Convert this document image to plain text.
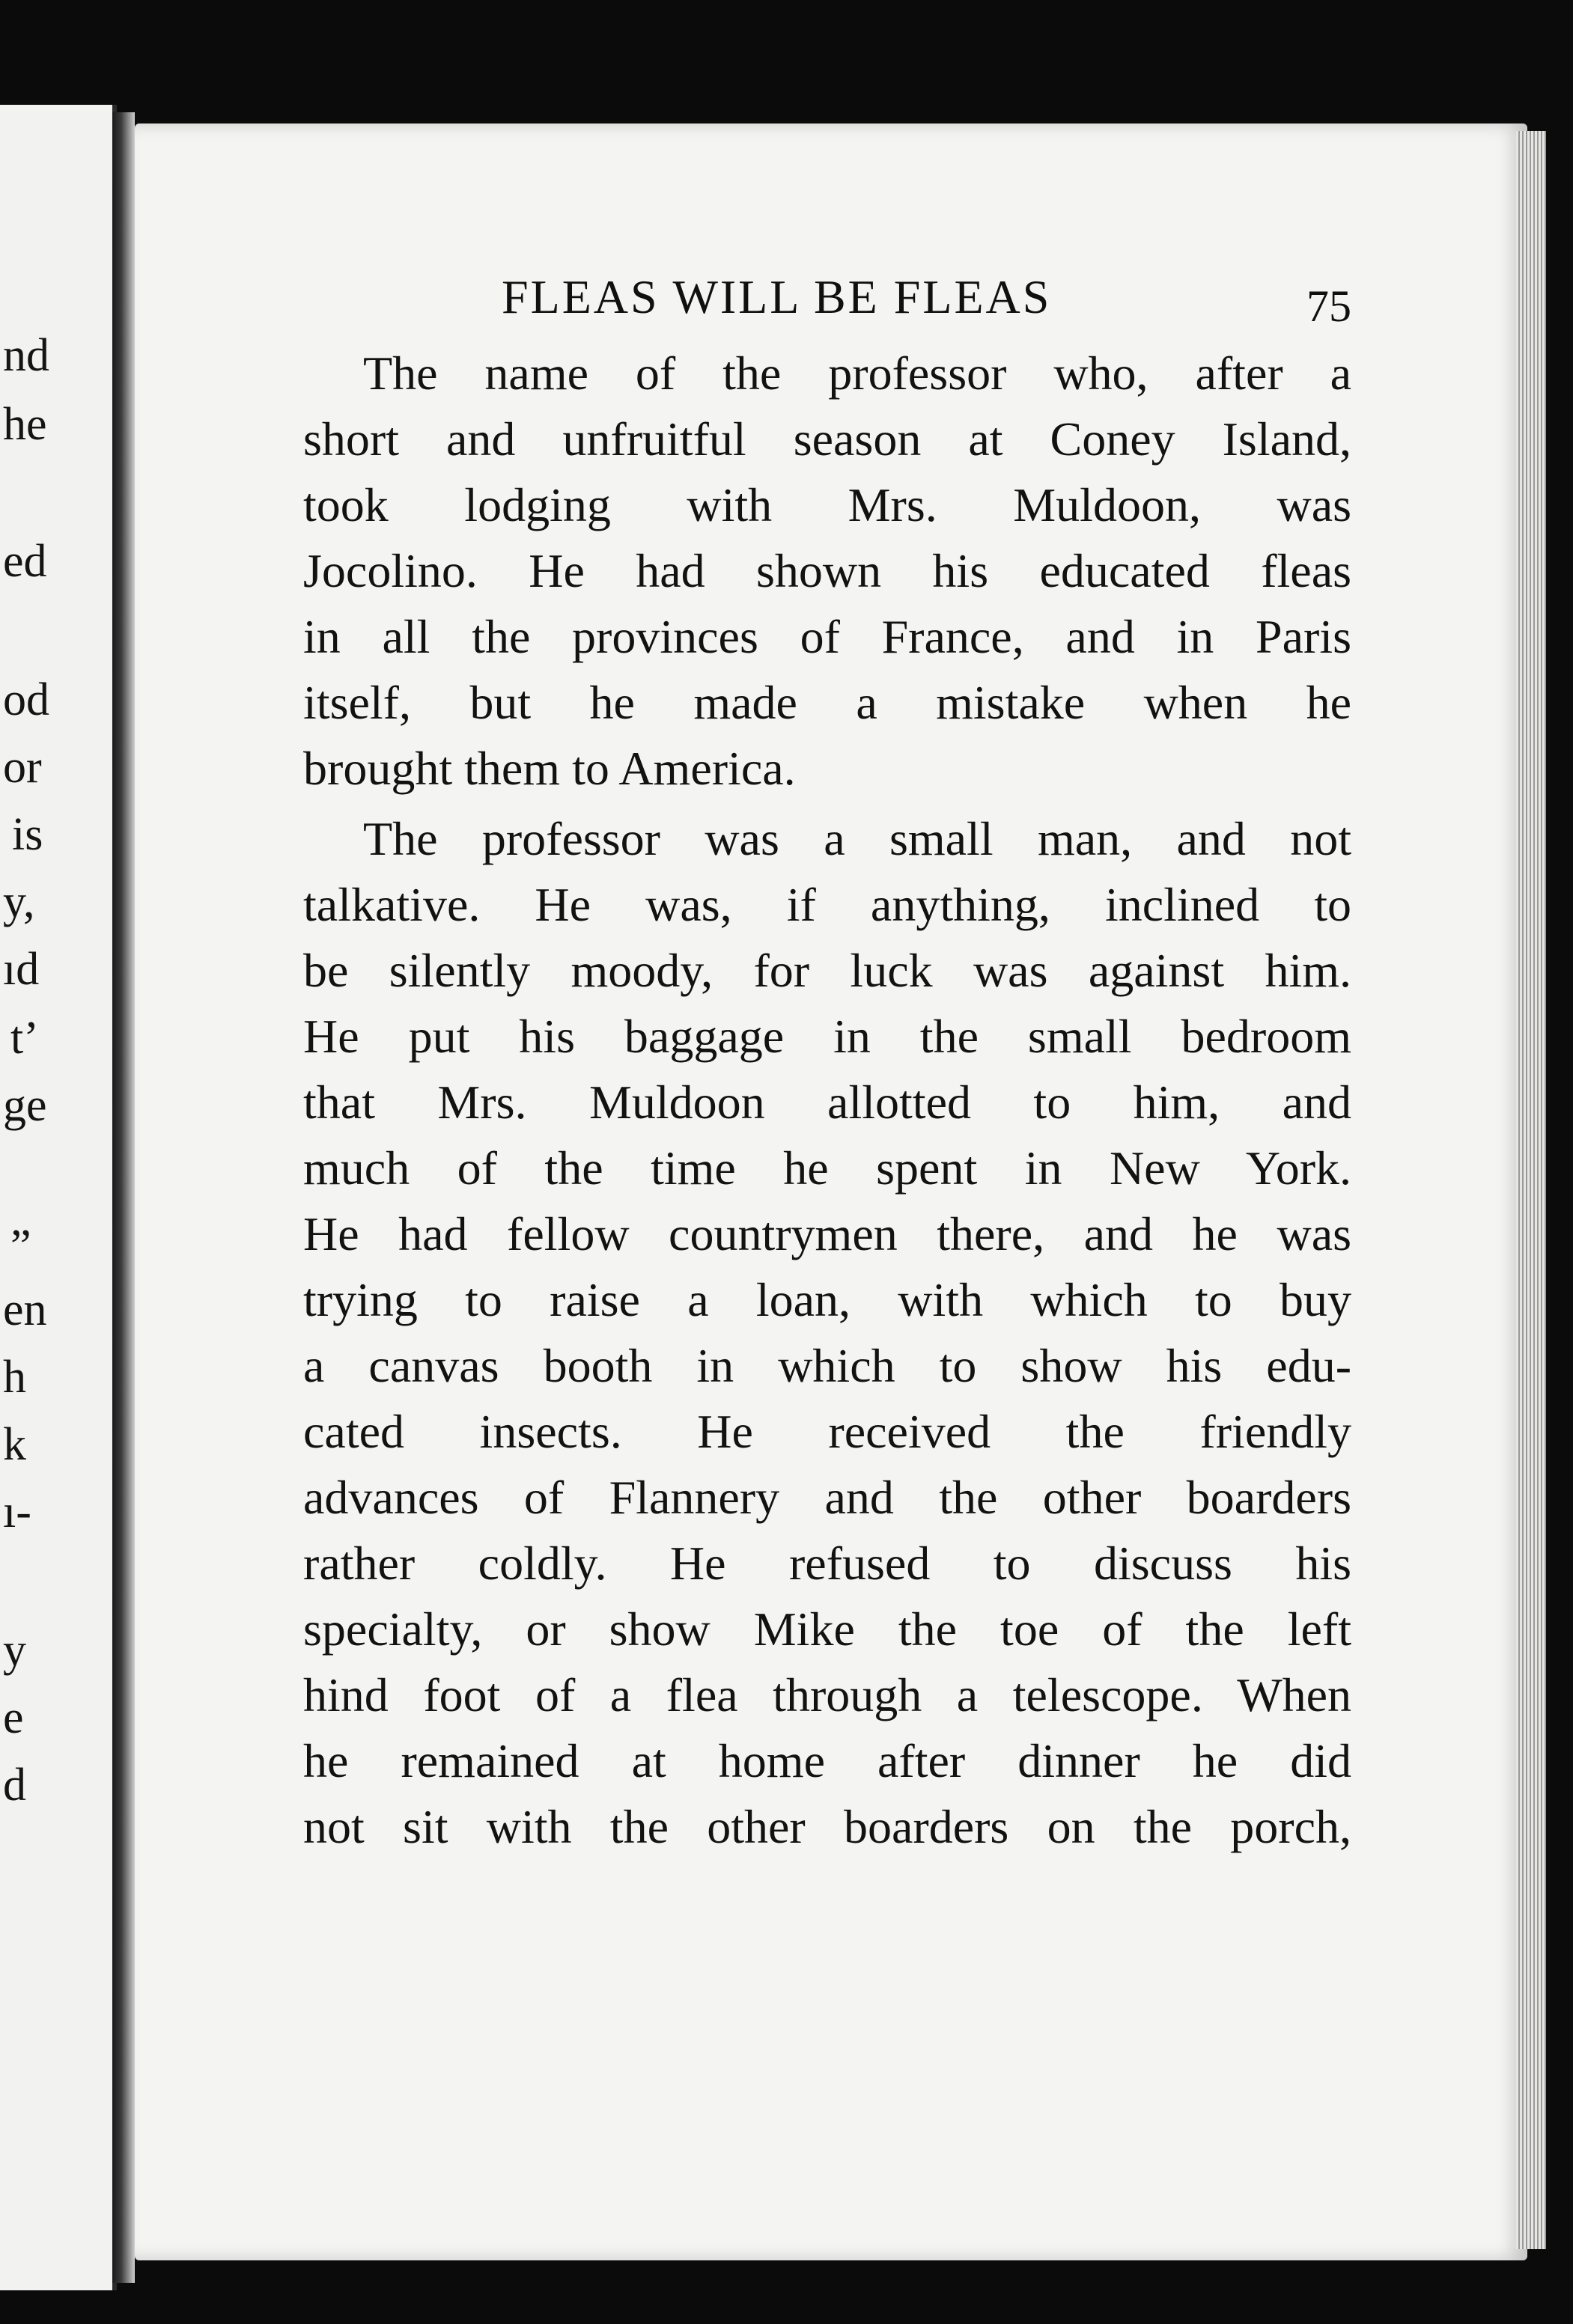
nd
he
ed
od
or
is
y,
ıd
t’
ge
”
en
h
k
ı-
y
e
d
FLEAS WILL BE FLEAS	75
The name of the professor who, after a
short and unfruitful season at Coney Island,
took lodging with Mrs. Muldoon, was
Jocolino. He had shown his educated fleas
in all the provinces of France, and in Paris
itself, but he made a mistake when he
brought them to America.
The professor was a small man, and not
talkative. He was, if anything, inclined to
be silently moody, for luck was against him.
He put his baggage in the small bedroom
that Mrs. Muldoon allotted to him, and
much of the time he spent in New York.
He had fellow countrymen there, and he was
trying to raise a loan, with which to buy
a canvas booth in which to show his edu-
cated insects. He received the friendly
advances of Flannery and the other boarders
rather coldly. He refused to discuss his
specialty, or show Mike the toe of the left
hind foot of a flea through a telescope. When
he remained at home after dinner he did
not sit with the other boarders on the porch,
